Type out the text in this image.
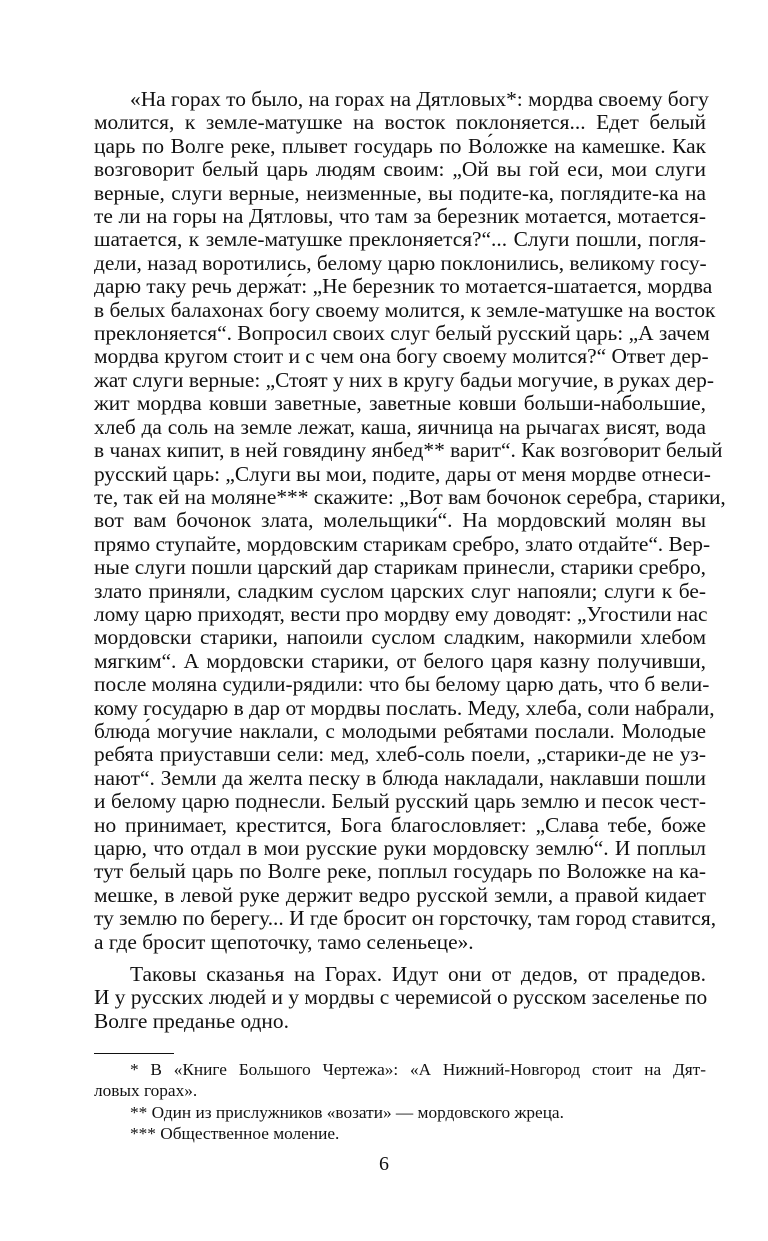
«На горах то было, на горах на Дятловых*: мордва своему богу
молится, к земле-матушке на восток поклоняется... Едет белый
царь по Волге реке, плывет государь по Во́ложке на камешке. Как
возговорит белый царь людям своим: „Ой вы гой еси, мои слуги
верные, слуги верные, неизменные, вы подите-ка, поглядите-ка на
те ли на горы на Дятловы, что там за березник мотается, мотается-
шатается, к земле-матушке преклоняется?“... Слуги пошли, погля-
дели, назад воротились, белому царю поклонились, великому госу-
дарю таку речь держа́т: „Не березник то мотается-шатается, мордва
в белых балахонах богу своему молится, к земле-матушке на восток
преклоняется“. Вопросил своих слуг белый русский царь: „А зачем
мордва кругом стоит и с чем она богу своему молится?“ Ответ дер-
жат слуги верные: „Стоят у них в кругу бадьи могучие, в руках дер-
жит мордва ковши заветные, заветные ковши больши-на́большие,
хлеб да соль на земле лежат, каша, яичница на рычагах висят, вода
в чанах кипит, в ней говядину янбед** варит“. Как возго́ворит белый
русский царь: „Слуги вы мои, подите, дары от меня мордве отнеси-
те, так ей на моляне*** скажите: „Вот вам бочонок серебра, старики,
вот вам бочонок злата, молельщики́“. На мордовский молян вы
прямо ступайте, мордовским старикам сребро, злато отдайте“. Вер-
ные слуги пошли царский дар старикам принесли, старики сребро,
злато приняли, сладким суслом царских слуг напояли; слуги к бе-
лому царю приходят, вести про мордву ему доводят: „Угостили нас
мордовски старики, напоили суслом сладким, накормили хлебом
мягким“. А мордовски старики, от белого царя казну получивши,
после моляна судили-рядили: что бы белому царю дать, что б вели-
кому государю в дар от мордвы послать. Меду, хлеба, соли набрали,
блюда́ могучие наклали, с молодыми ребятами послали. Молодые
ребята приуставши сели: мед, хлеб-соль поели, „старики-де не уз-
нают“. Земли да желта песку в блюда накладали, наклавши пошли
и белому царю поднесли. Белый русский царь землю и песок чест-
но принимает, крестится, Бога благословляет: „Слава тебе, боже
царю, что отдал в мои русские руки мордовску землю́“. И поплыл
тут белый царь по Волге реке, поплыл государь по Воложке на ка-
мешке, в левой руке держит ведро русской земли, а правой кидает
ту землю по берегу... И где бросит он горсточку, там город ставится,
а где бросит щепоточку, тамо селеньеце».
Таковы сказанья на Горах. Идут они от дедов, от прадедов.
И у русских людей и у мордвы с черемисой о русском заселенье по
Волге преданье одно.
* В «Книге Большого Чертежа»: «А Нижний-Новгород стоит на Дят-
ловых горах».
** Один из прислужников «возати» — мордовского жреца.
*** Общественное моление.
6
